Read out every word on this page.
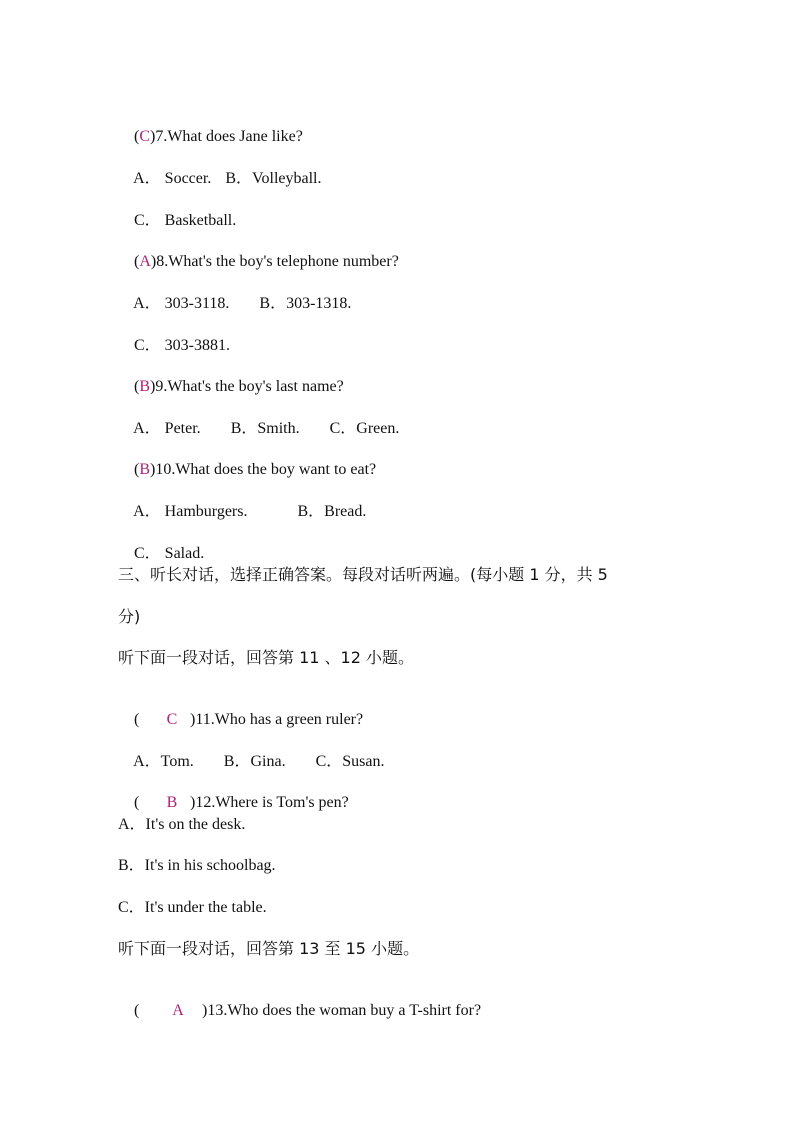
(C)7.What does Jane like?

A． Soccer. B．Volleyball.

C． Basketball.

(A)8.What's the boy's telephone number?

A． 303-3118. B．303-1318.

C． 303-3881.

(B)9.What's the boy's last name?

A． Peter. B．Smith. C．Green.

(B)10.What does the boy want to eat?

A． Hamburgers.	B．Bread.

C． Salad.

三、听长对话，选择正确答案。每段对话听两遍。(每小题 1 分，共 5
分)
听下面一段对话，回答第 11 、12 小题。

( C )11.Who has a green ruler?

A．Tom. B．Gina. C．Susan.

( B )12.Where is Tom's pen?

A．It's on the desk.
B．It's in his schoolbag.
C．It's under the table.
听下面一段对话，回答第 13 至 15 小题。

( A )13.Who does the woman buy a T-shirt for?
